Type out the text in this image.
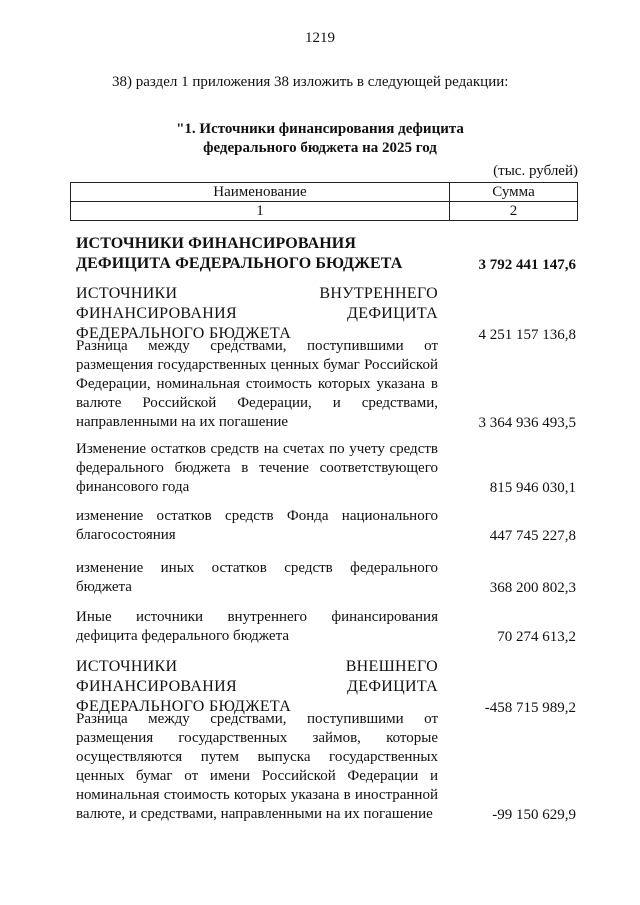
1219
38) раздел 1 приложения 38 изложить в следующей редакции:
"1. Источники финансирования дефицита
федерального бюджета на 2025 год
(тыс. рублей)
Наименование	Сумма
1	2
ИСТОЧНИКИ ФИНАНСИРОВАНИЯ ДЕФИЦИТА ФЕДЕРАЛЬНОГО БЮДЖЕТА	3 792 441 147,6
ИСТОЧНИКИ ВНУТРЕННЕГО ФИНАНСИРОВАНИЯ ДЕФИЦИТА ФЕДЕРАЛЬНОГО БЮДЖЕТА	4 251 157 136,8
Разница между средствами, поступившими от размещения государственных ценных бумаг Российской Федерации, номинальная стоимость которых указана в валюте Российской Федерации, и средствами, направленными на их погашение	3 364 936 493,5
Изменение остатков средств на счетах по учету средств федерального бюджета в течение соответствующего финансового года	815 946 030,1
изменение остатков средств Фонда национального благосостояния	447 745 227,8
изменение иных остатков средств федерального бюджета	368 200 802,3
Иные источники внутреннего финансирования дефицита федерального бюджета	70 274 613,2
ИСТОЧНИКИ ВНЕШНЕГО ФИНАНСИРОВАНИЯ ДЕФИЦИТА ФЕДЕРАЛЬНОГО БЮДЖЕТА	-458 715 989,2
Разница между средствами, поступившими от размещения государственных займов, которые осуществляются путем выпуска государственных ценных бумаг от имени Российской Федерации и номинальная стоимость которых указана в иностранной валюте, и средствами, направленными на их погашение	-99 150 629,9
